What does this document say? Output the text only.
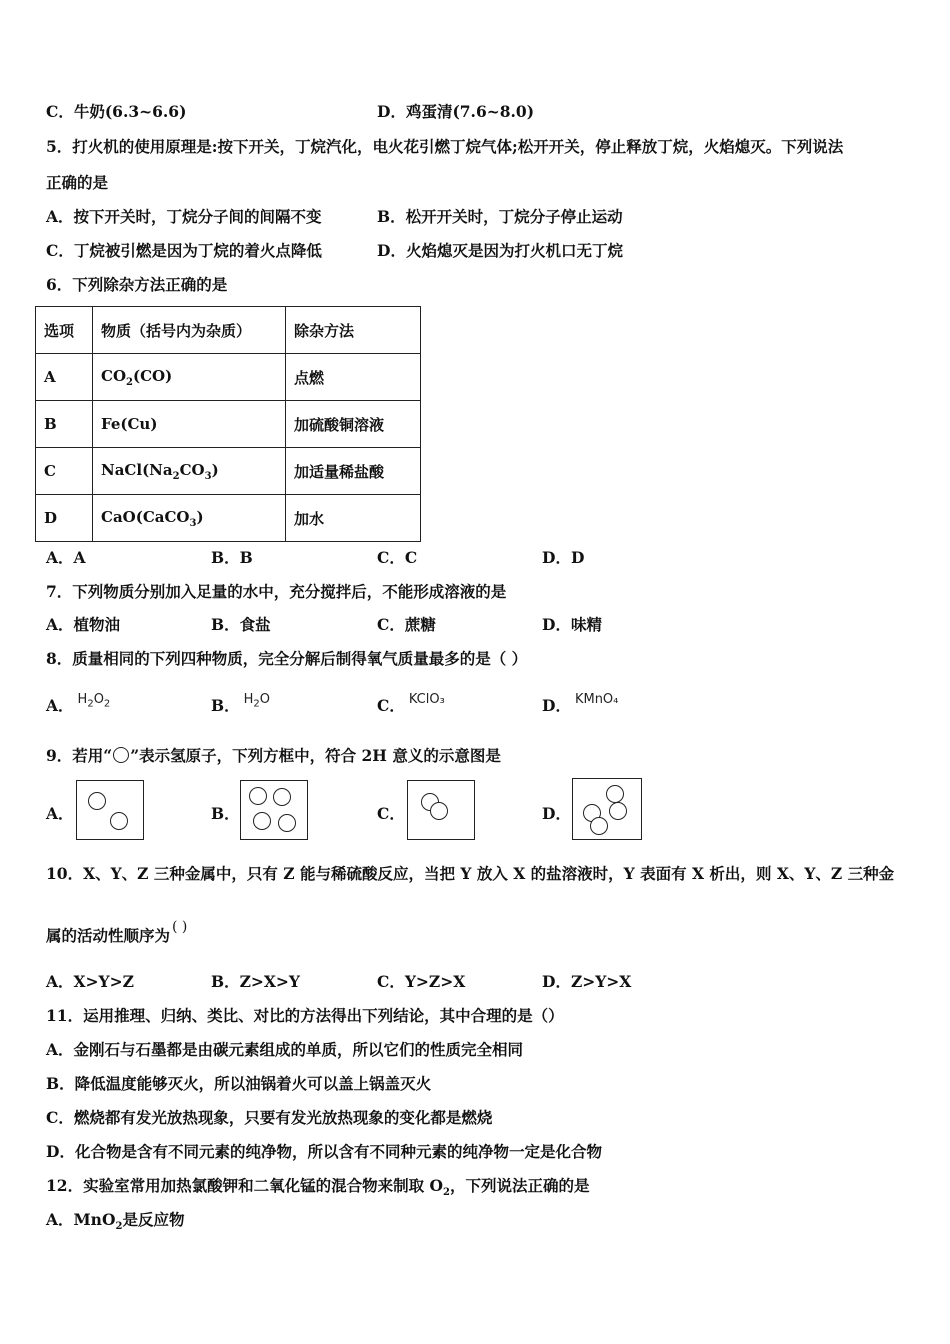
C．牛奶(6.3~6.6)	D．鸡蛋清(7.6~8.0)
5．打火机的使用原理是:按下开关，丁烷汽化，电火花引燃丁烷气体;松开开关，停止释放丁烷，火焰熄灭。下列说法
正确的是
A．按下开关时，丁烷分子间的间隔不变	B．松开开关时，丁烷分子停止运动
C．丁烷被引燃是因为丁烷的着火点降低	D．火焰熄灭是因为打火机口无丁烷
6．下列除杂方法正确的是
选项	物质（括号内为杂质）	除杂方法
A	$CO_2(CO)$	点燃
B	Fe(Cu)	加硫酸铜溶液
C	$NaCl(Na_2CO_3)$	加适量稀盐酸
D	CaO(CaCO$_3$)	加水
A．A	B．B	C．C	D．D
7．下列物质分别加入足量的水中，充分搅拌后，不能形成溶液的是
A．植物油	B．食盐	C．蔗糖	D．味精
8．质量相同的下列四种物质，完全分解后制得氧气质量最多的是（ ）
A． $^{H_2O_2}$	B． $^{H_2O}$	C． $^{KClO_3}$	D． $^{KMnO_4}$
9．若用“ ”表示氢原子，下列方框中，符合 2H 意义的示意图是
A．	B．	C．	D．
10．X、Y、Z 三种金属中，只有 Z 能与稀硫酸反应，当把 Y 放入 X 的盐溶液时，Y 表面有 X 析出，则 X、Y、Z 三种金
属的活动性顺序为 ( )
A．X>Y>Z	B．Z>X>Y	C．Y>Z>X	D．Z>Y>X
11．运用推理、归纳、类比、对比的方法得出下列结论，其中合理的是（）
A．金刚石与石墨都是由碳元素组成的单质，所以它们的性质完全相同
B．降低温度能够灭火，所以油锅着火可以盖上锅盖灭火
C．燃烧都有发光放热现象，只要有发光放热现象的变化都是燃烧
D．化合物是含有不同元素的纯净物，所以含有不同种元素的纯净物一定是化合物
12．实验室常用加热氯酸钾和二氧化锰的混合物来制取 $O_2$，下列说法正确的是
A．MnO$_2$是反应物
